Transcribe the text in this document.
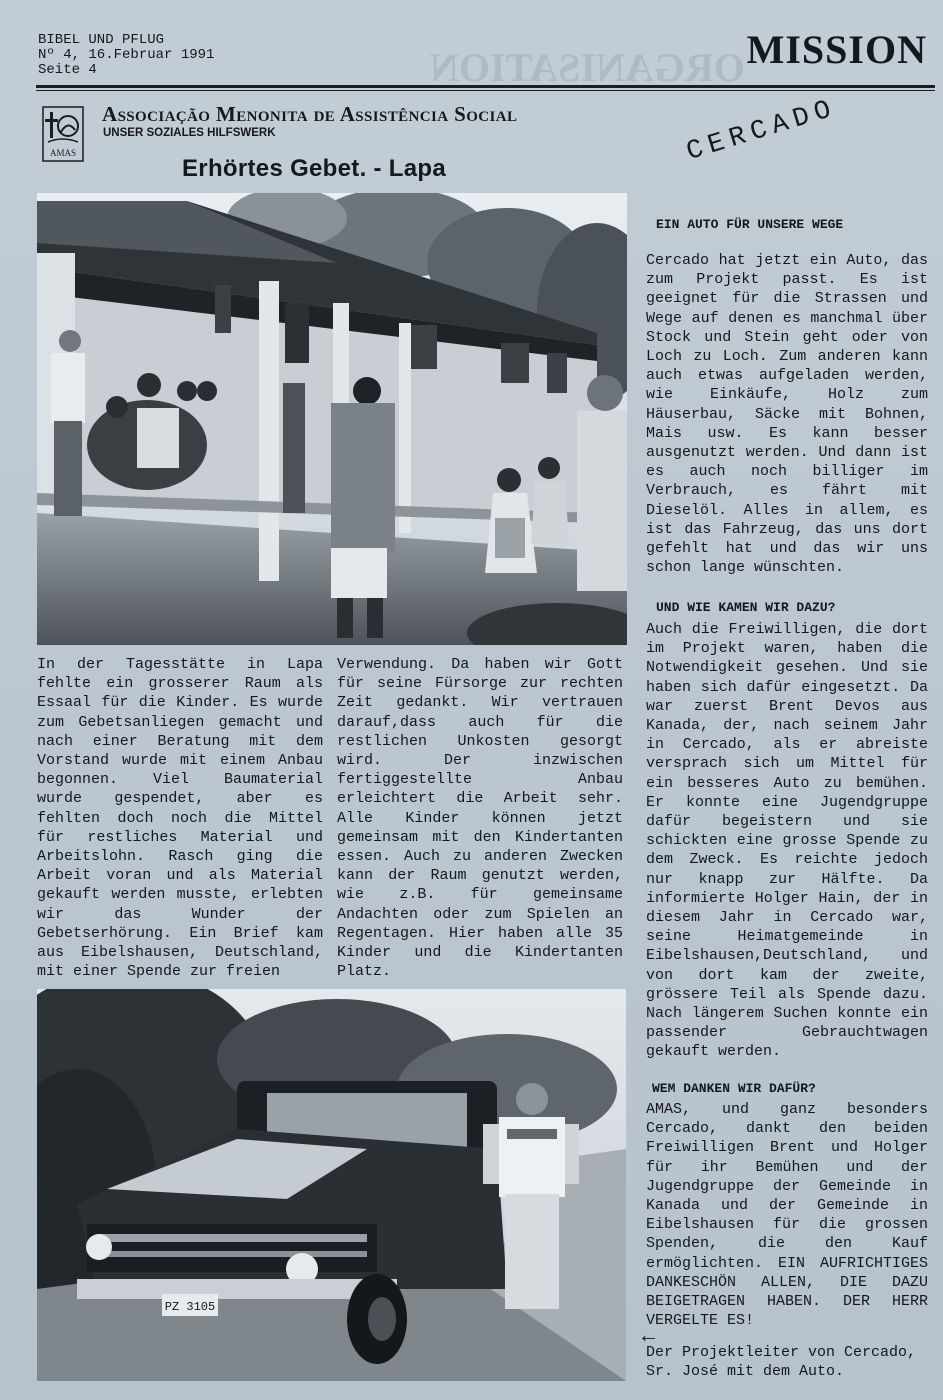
ORGANISATION
BIBEL UND PFLUG
Nº 4, 16.Februar 1991
Seite 4	MISSION
AMAS
Associação Menonita de Assistência Social
UNSER SOZIALES HILFSWERK
Erhörtes Gebet. - Lapa
CERCADO

In der Tagesstätte in Lapa fehlte ein grosserer Raum als Essaal für die Kinder. Es wurde zum Gebetsanliegen gemacht und nach einer Beratung mit dem Vorstand wurde mit einem Anbau begonnen. Viel Baumaterial wurde gespendet, aber es fehlten doch noch die Mittel für restliches Material und Arbeitslohn. Rasch ging die Arbeit voran und als Material gekauft werden musste, erlebten wir das Wunder der Gebetserhörung. Ein Brief kam aus Eibelshausen, Deutschland, mit einer Spende zur freien

Verwendung. Da haben wir Gott für seine Fürsorge zur rechten Zeit gedankt. Wir vertrauen darauf,dass auch für die restlichen Unkosten gesorgt wird. Der inzwischen fertiggestellte Anbau erleichtert die Arbeit sehr. Alle Kinder können jetzt gemeinsam mit den Kindertanten essen. Auch zu anderen Zwecken kann der Raum genutzt werden, wie z.B. für gemeinsame Andachten oder zum Spielen an Regentagen. Hier haben alle 35 Kinder und die Kindertanten Platz.

PZ 3105
EIN AUTO FÜR UNSERE WEGE

Cercado hat jetzt ein Auto, das zum Projekt passt. Es ist geeignet für die Strassen und Wege auf denen es manchmal über Stock und Stein geht oder von Loch zu Loch. Zum anderen kann auch etwas aufgeladen werden, wie Einkäufe, Holz zum Häuserbau, Säcke mit Bohnen, Mais usw. Es kann besser ausgenutzt werden. Und dann ist es auch noch billiger im Verbrauch, es fährt mit Dieselöl. Alles in allem, es ist das Fahrzeug, das uns dort gefehlt hat und das wir uns schon lange wünschten.

UND WIE KAMEN WIR DAZU?

Auch die Freiwilligen, die dort im Projekt waren, haben die Notwendigkeit gesehen. Und sie haben sich dafür eingesetzt. Da war zuerst Brent Devos aus Kanada, der, nach seinem Jahr in Cercado, als er abreiste versprach sich um Mittel für ein besseres Auto zu bemühen. Er konnte eine Jugendgruppe dafür begeistern und sie schickten eine grosse Spende zu dem Zweck. Es reichte jedoch nur knapp zur Hälfte. Da informierte Holger Hain, der in diesem Jahr in Cercado war, seine Heimatgemeinde in Eibelshausen,Deutschland, und von dort kam der zweite, grössere Teil als Spende dazu. Nach längerem Suchen konnte ein passender Gebrauchtwagen gekauft werden.

WEM DANKEN WIR DAFÜR?

AMAS, und ganz besonders Cercado, dankt den beiden Freiwilligen Brent und Holger für ihr Bemühen und der Jugendgruppe der Gemeinde in Kanada und der Gemeinde in Eibelshausen für die grossen Spenden, die den Kauf ermöglichten. EIN AUFRICHTIGES DANKESCHÖN ALLEN, DIE DAZU BEIGETRAGEN HABEN. DER HERR VERGELTE ES!

←
Der Projektleiter von Cercado, Sr. José mit dem Auto.
